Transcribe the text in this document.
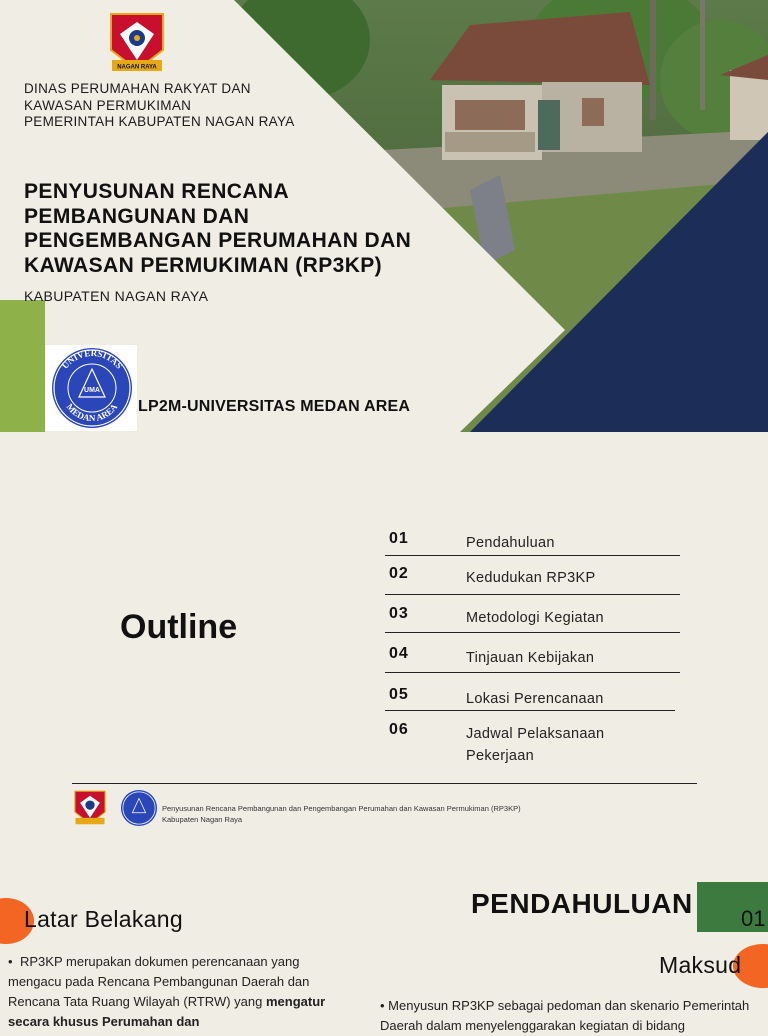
NAGAN RAYA
DINAS PERUMAHAN RAKYAT DAN
KAWASAN PERMUKIMAN
PEMERINTAH KABUPATEN NAGAN RAYA
PENYUSUNAN RENCANA
PEMBANGUNAN DAN
PENGEMBANGAN PERUMAHAN DAN
KAWASAN PERMUKIMAN (RP3KP)
KABUPATEN NAGAN RAYA
UNIVERSITAS
MEDAN AREA
UMA
LP2M-UNIVERSITAS MEDAN AREA
Outline
01	Pendahuluan
02	Kedudukan RP3KP
03	Metodologi Kegiatan
04	Tinjauan Kebijakan
05	Lokasi Perencanaan
06	Jadwal Pelaksanaan Pekerjaan
Penyusunan Rencana Pembangunan dan Pengembangan Perumahan dan Kawasan Permukiman (RP3KP)
Kabupaten Nagan Raya
Latar Belakang
• RP3KP merupakan dokumen perencanaan yang mengacu pada Rencana Pembangunan Daerah dan Rencana Tata Ruang Wilayah (RTRW) yang mengatur secara khusus Perumahan dan
PENDAHULUAN 01
Maksud
• Menyusun RP3KP sebagai pedoman dan skenario Pemerintah Daerah dalam menyelenggarakan kegiatan di bidang
